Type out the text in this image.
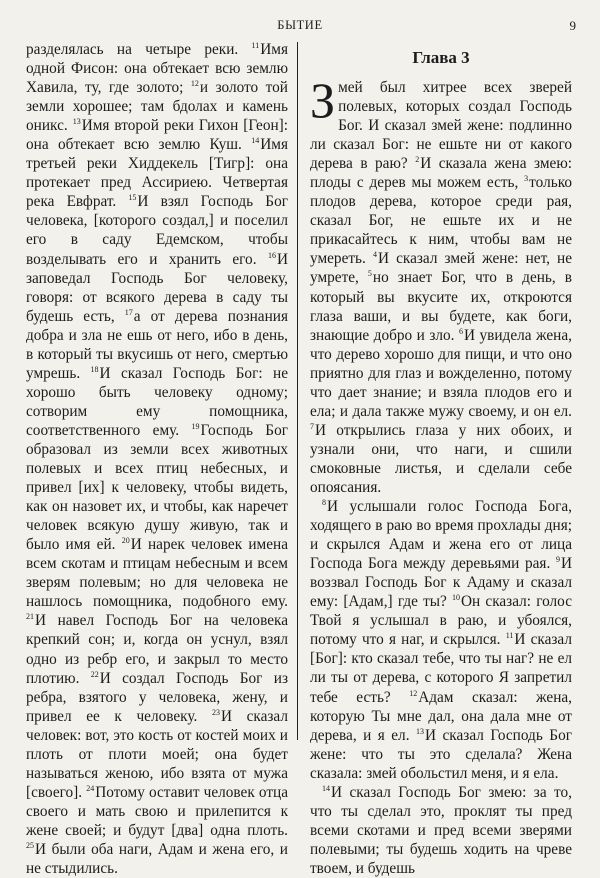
БЫТИЕ	9

разделялась на четыре реки. $^{11}$Имя одной Фисон: она обтекает всю землю Хавила, ту, где золото; $^{12}$и золото той земли хорошее; там бдолах и камень оникс. $^{13}$Имя второй реки Гихон [Геон]: она обтекает всю землю Куш. $^{14}$Имя третьей реки Хиддекель [Тигр]: она протекает пред Ассириею. Четвертая река Евфрат. $^{15}$И взял Господь Бог человека, [которого создал,] и поселил его в саду Едемском, чтобы возделывать его и хранить его. $^{16}$И заповедал Господь Бог человеку, говоря: от всякого дерева в саду ты будешь есть, $^{17}$а от дерева познания добра и зла не ешь от него, ибо в день, в который ты вкусишь от него, смертью умрешь. $^{18}$И сказал Господь Бог: не хорошо быть человеку одному; сотворим ему помощника, соответственного ему. $^{19}$Господь Бог образовал из земли всех животных полевых и всех птиц небесных, и привел [их] к человеку, чтобы видеть, как он назовет их, и чтобы, как наречет человек всякую душу живую, так и было имя ей. $^{20}$И нарек человек имена всем скотам и птицам небесным и всем зверям полевым; но для человека не нашлось помощника, подобного ему. $^{21}$И навел Господь Бог на человека крепкий сон; и, когда он уснул, взял одно из ребр его, и закрыл то место плотию. $^{22}$И создал Господь Бог из ребра, взятого у человека, жену, и привел ее к человеку. $^{23}$И сказал человек: вот, это кость от костей моих и плоть от плоти моей; она будет называться женою, ибо взята от мужа [своего]. $^{24}$Потому оставит человек отца своего и мать свою и прилепится к жене своей; и будут [два] одна плоть. $^{25}$И были оба наги, Адам и жена его, и не стыдились.

Глава 3

Змей был хитрее всех зверей полевых, которых создал Господь Бог. И сказал змей жене: подлинно ли сказал Бог: не ешьте ни от какого дерева в раю? $^2$И сказала жена змею: плоды с дерев мы можем есть, $^3$только плодов дерева, которое среди рая, сказал Бог, не ешьте их и не прикасайтесь к ним, чтобы вам не умереть. $^4$И сказал змей жене: нет, не умрете, $^5$но знает Бог, что в день, в который вы вкусите их, откроются глаза ваши, и вы будете, как боги, знающие добро и зло. $^6$И увидела жена, что дерево хорошо для пищи, и что оно приятно для глаз и вожделенно, потому что дает знание; и взяла плодов его и ела; и дала также мужу своему, и он ел. $^7$И открылись глаза у них обоих, и узнали они, что наги, и сшили смоковные листья, и сделали себе опоясания.

$^8$И услышали голос Господа Бога, ходящего в раю во время прохлады дня; и скрылся Адам и жена его от лица Господа Бога между деревьями рая. $^9$И воззвал Господь Бог к Адаму и сказал ему: [Адам,] где ты? $^{10}$Он сказал: голос Твой я услышал в раю, и убоялся, потому что я наг, и скрылся. $^{11}$И сказал [Бог]: кто сказал тебе, что ты наг? не ел ли ты от дерева, с которого Я запретил тебе есть? $^{12}$Адам сказал: жена, которую Ты мне дал, она дала мне от дерева, и я ел. $^{13}$И сказал Господь Бог жене: что ты это сделала? Жена сказала: змей обольстил меня, и я ела.

$^{14}$И сказал Господь Бог змею: за то, что ты сделал это, проклят ты пред всеми скотами и пред всеми зверями полевыми; ты будешь ходить на чреве твоем, и будешь
